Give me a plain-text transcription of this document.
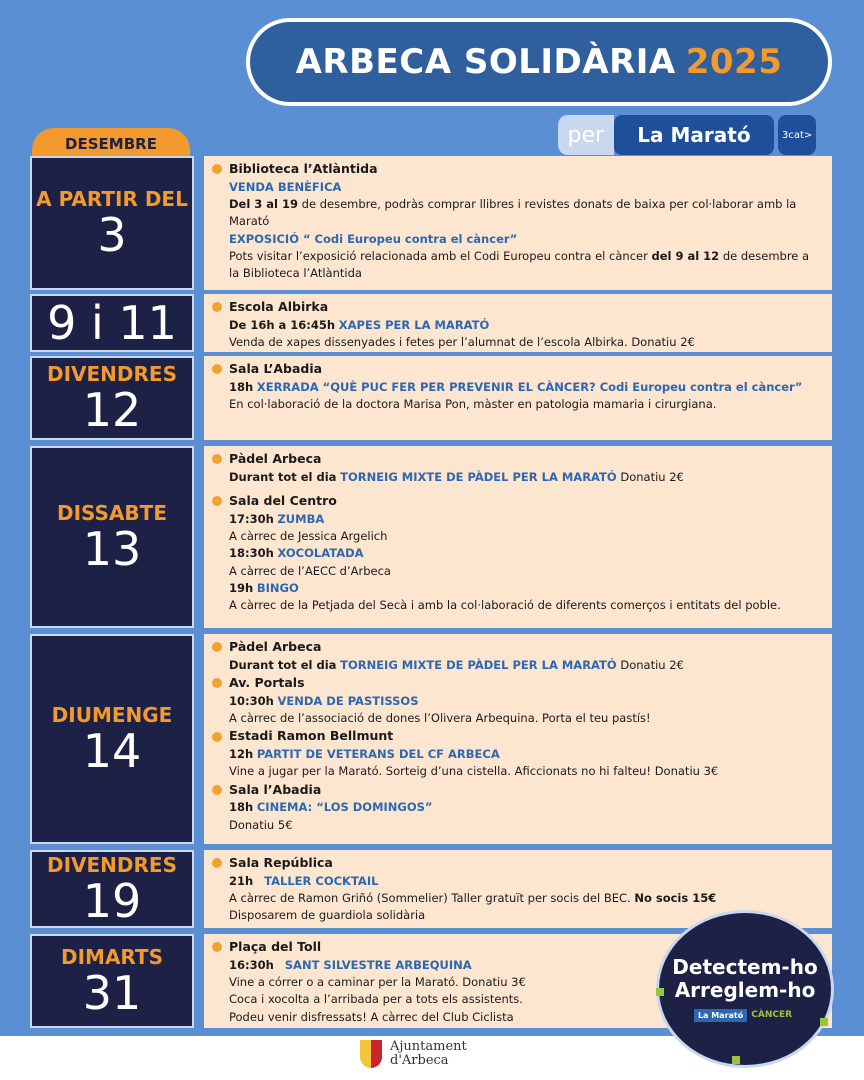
ARBECA SOLIDÀRIA 2025
per	La Marató	3cat>
DESEMBRE
A PARTIR DEL
3
9 i 11
DIVENDRES
12
DISSABTE
13
DIUMENGE
14
DIVENDRES
19
DIMARTS
31
Biblioteca l’Atlàntida
VENDA BENÈFICA
Del 3 al 19 de desembre, podràs comprar llibres i revistes donats de baixa per col·laborar amb la Marató
EXPOSICIÓ “ Codi Europeu contra el càncer”
Pots visitar l’exposició relacionada amb el Codi Europeu contra el càncer del 9 al 12 de desembre a la Biblioteca l’Atlàntida
Escola Albirka
De 16h a 16:45h XAPES PER LA MARATÓ
Venda de xapes dissenyades i fetes per l’alumnat de l’escola Albirka. Donatiu 2€
Sala L’Abadia
18h XERRADA “QUÈ PUC FER PER PREVENIR EL CÀNCER? Codi Europeu contra el càncer”
En col·laboració de la doctora Marisa Pon, màster en patologia mamaria i cirurgiana.
Pàdel Arbeca
Durant tot el dia TORNEIG MIXTE DE PÀDEL PER LA MARATÓ Donatiu 2€
Sala del Centro
17:30h ZUMBA
A càrrec de Jessica Argelich
18:30h XOCOLATADA
A càrrec de l’AECC d’Arbeca
19h BINGO
A càrrec de la Petjada del Secà i amb la col·laboració de diferents comerços i entitats del poble.
Pàdel Arbeca
Durant tot el dia TORNEIG MIXTE DE PÀDEL PER LA MARATÓ Donatiu 2€
Av. Portals
10:30h VENDA DE PASTISSOS
A càrrec de l’associació de dones l’Olivera Arbequina. Porta el teu pastís!
Estadi Ramon Bellmunt
12h PARTIT DE VETERANS DEL CF ARBECA
Vine a jugar per la Marató. Sorteig d’una cistella. Aficcionats no hi falteu! Donatiu 3€
Sala l’Abadia
18h CINEMA: “LOS DOMINGOS”
Donatiu 5€
Sala República
21h TALLER COCKTAIL
A càrrec de Ramon Griñó (Sommelier) Taller gratuït per socis del BEC. No socis 15€
Disposarem de guardiola solidària
Plaça del Toll
16:30h SANT SILVESTRE ARBEQUINA
Vine a córrer o a caminar per la Marató. Donatiu 3€
Coca i xocolta a l’arribada per a tots els assistents.
Podeu venir disfressats! A càrrec del Club Ciclista
Ajuntament
d'Arbeca
Detectem-ho
Arreglem-ho
La Marató CÀNCER
